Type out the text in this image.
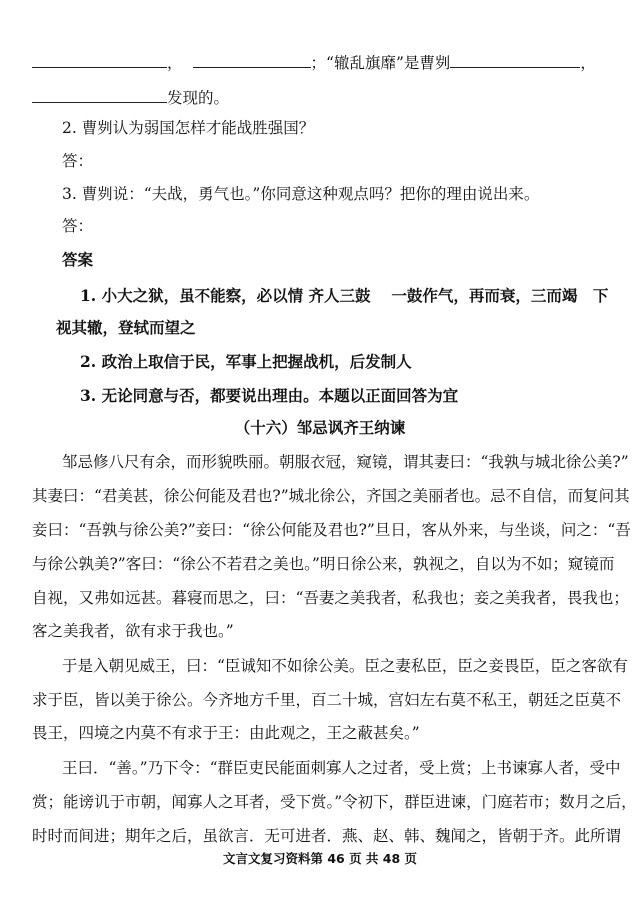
，	；“辙乱旗靡”是曹刿	，
发现的。
2. 曹刿认为弱国怎样才能战胜强国？
答：
3. 曹刿说：“夫战，勇气也。”你同意这种观点吗？把你的理由说出来。
答：
答案
1. 小大之狱，虽不能察，必以情 齐人三鼓　 一鼓作气，再而衰，三而竭　下
视其辙，登轼而望之
2. 政治上取信于民，军事上把握战机，后发制人
3. 无论同意与否，都要说出理由。本题以正面回答为宜
（十六）邹忌讽齐王纳谏
邹忌修八尺有余，而形貌昳丽。朝服衣冠，窥镜，谓其妻曰：“我孰与城北徐公美?”
其妻曰：“君美甚，徐公何能及君也?”城北徐公，齐国之美丽者也。忌不自信，而复问其
妾曰：“吾孰与徐公美?”妾曰：“徐公何能及君也?”旦日，客从外来，与坐谈，问之：“吾
与徐公孰美?”客曰：“徐公不若君之美也。”明日徐公来，孰视之，自以为不如；窥镜而
自视，又弗如远甚。暮寝而思之，曰：“吾妻之美我者，私我也；妾之美我者，畏我也；
客之美我者，欲有求于我也。”
于是入朝见威王，曰：“臣诚知不如徐公美。臣之妻私臣，臣之妾畏臣，臣之客欲有
求于臣，皆以美于徐公。今齐地方千里，百二十城，宫妇左右莫不私王，朝廷之臣莫不
畏王，四境之内莫不有求于王：由此观之，王之蔽甚矣。”
王曰．“善。”乃下令：“群臣吏民能面刺寡人之过者，受上赏；上书谏寡人者，受中
赏；能谤讥于市朝，闻寡人之耳者，受下赏。”令初下，群臣进谏，门庭若市；数月之后，
时时而间进；期年之后，虽欲言．无可进者．燕、赵、韩、魏闻之，皆朝于齐。此所谓
文言文复习资料第 46 页 共 48 页
